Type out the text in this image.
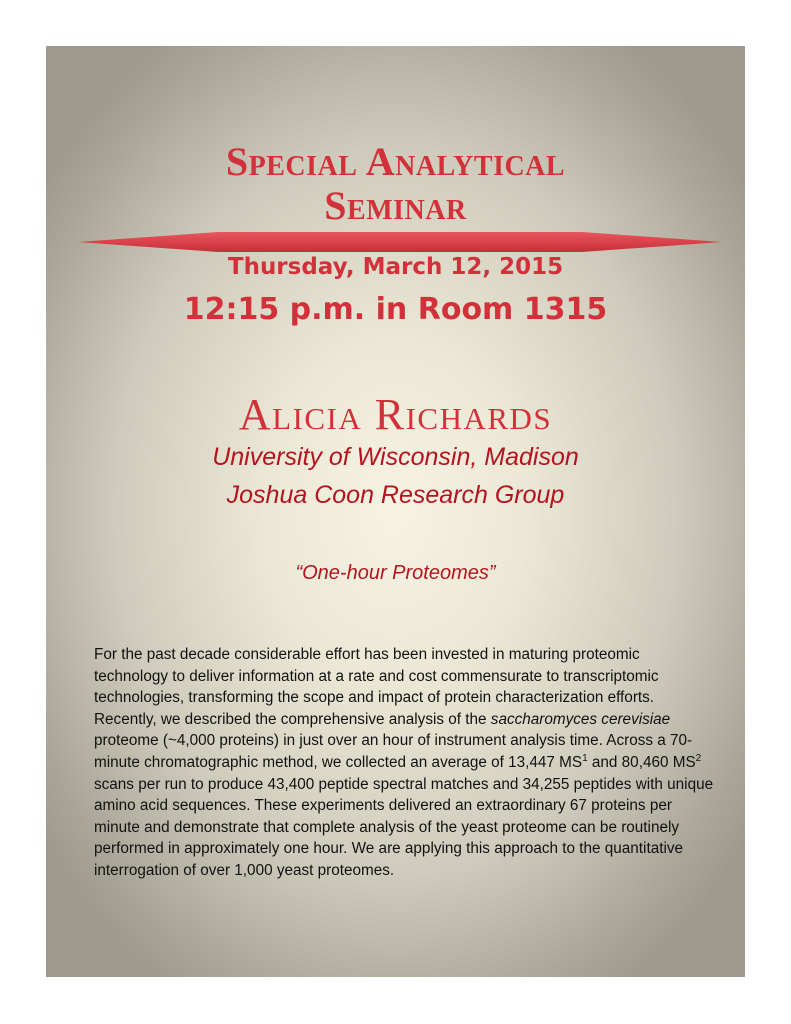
Special Analytical
Seminar
Thursday, March 12, 2015
12:15 p.m. in Room 1315
Alicia Richards
University of Wisconsin, Madison
Joshua Coon Research Group
“One-hour Proteomes”

For the past decade considerable effort has been invested in maturing proteomic technology to deliver information at a rate and cost commensurate to transcriptomic technologies, transforming the scope and impact of protein characterization efforts. Recently, we described the comprehensive analysis of the saccharomyces cerevisiae proteome (~4,000 proteins) in just over an hour of instrument analysis time. Across a 70-minute chromatographic method, we collected an average of 13,447 $MS^1$ and 80,460 $MS^2$ scans per run to produce 43,400 peptide spectral matches and 34,255 peptides with unique amino acid sequences. These experiments delivered an extraordinary 67 proteins per minute and demonstrate that complete analysis of the yeast proteome can be routinely performed in approximately one hour. We are applying this approach to the quantitative interrogation of over 1,000 yeast proteomes.
